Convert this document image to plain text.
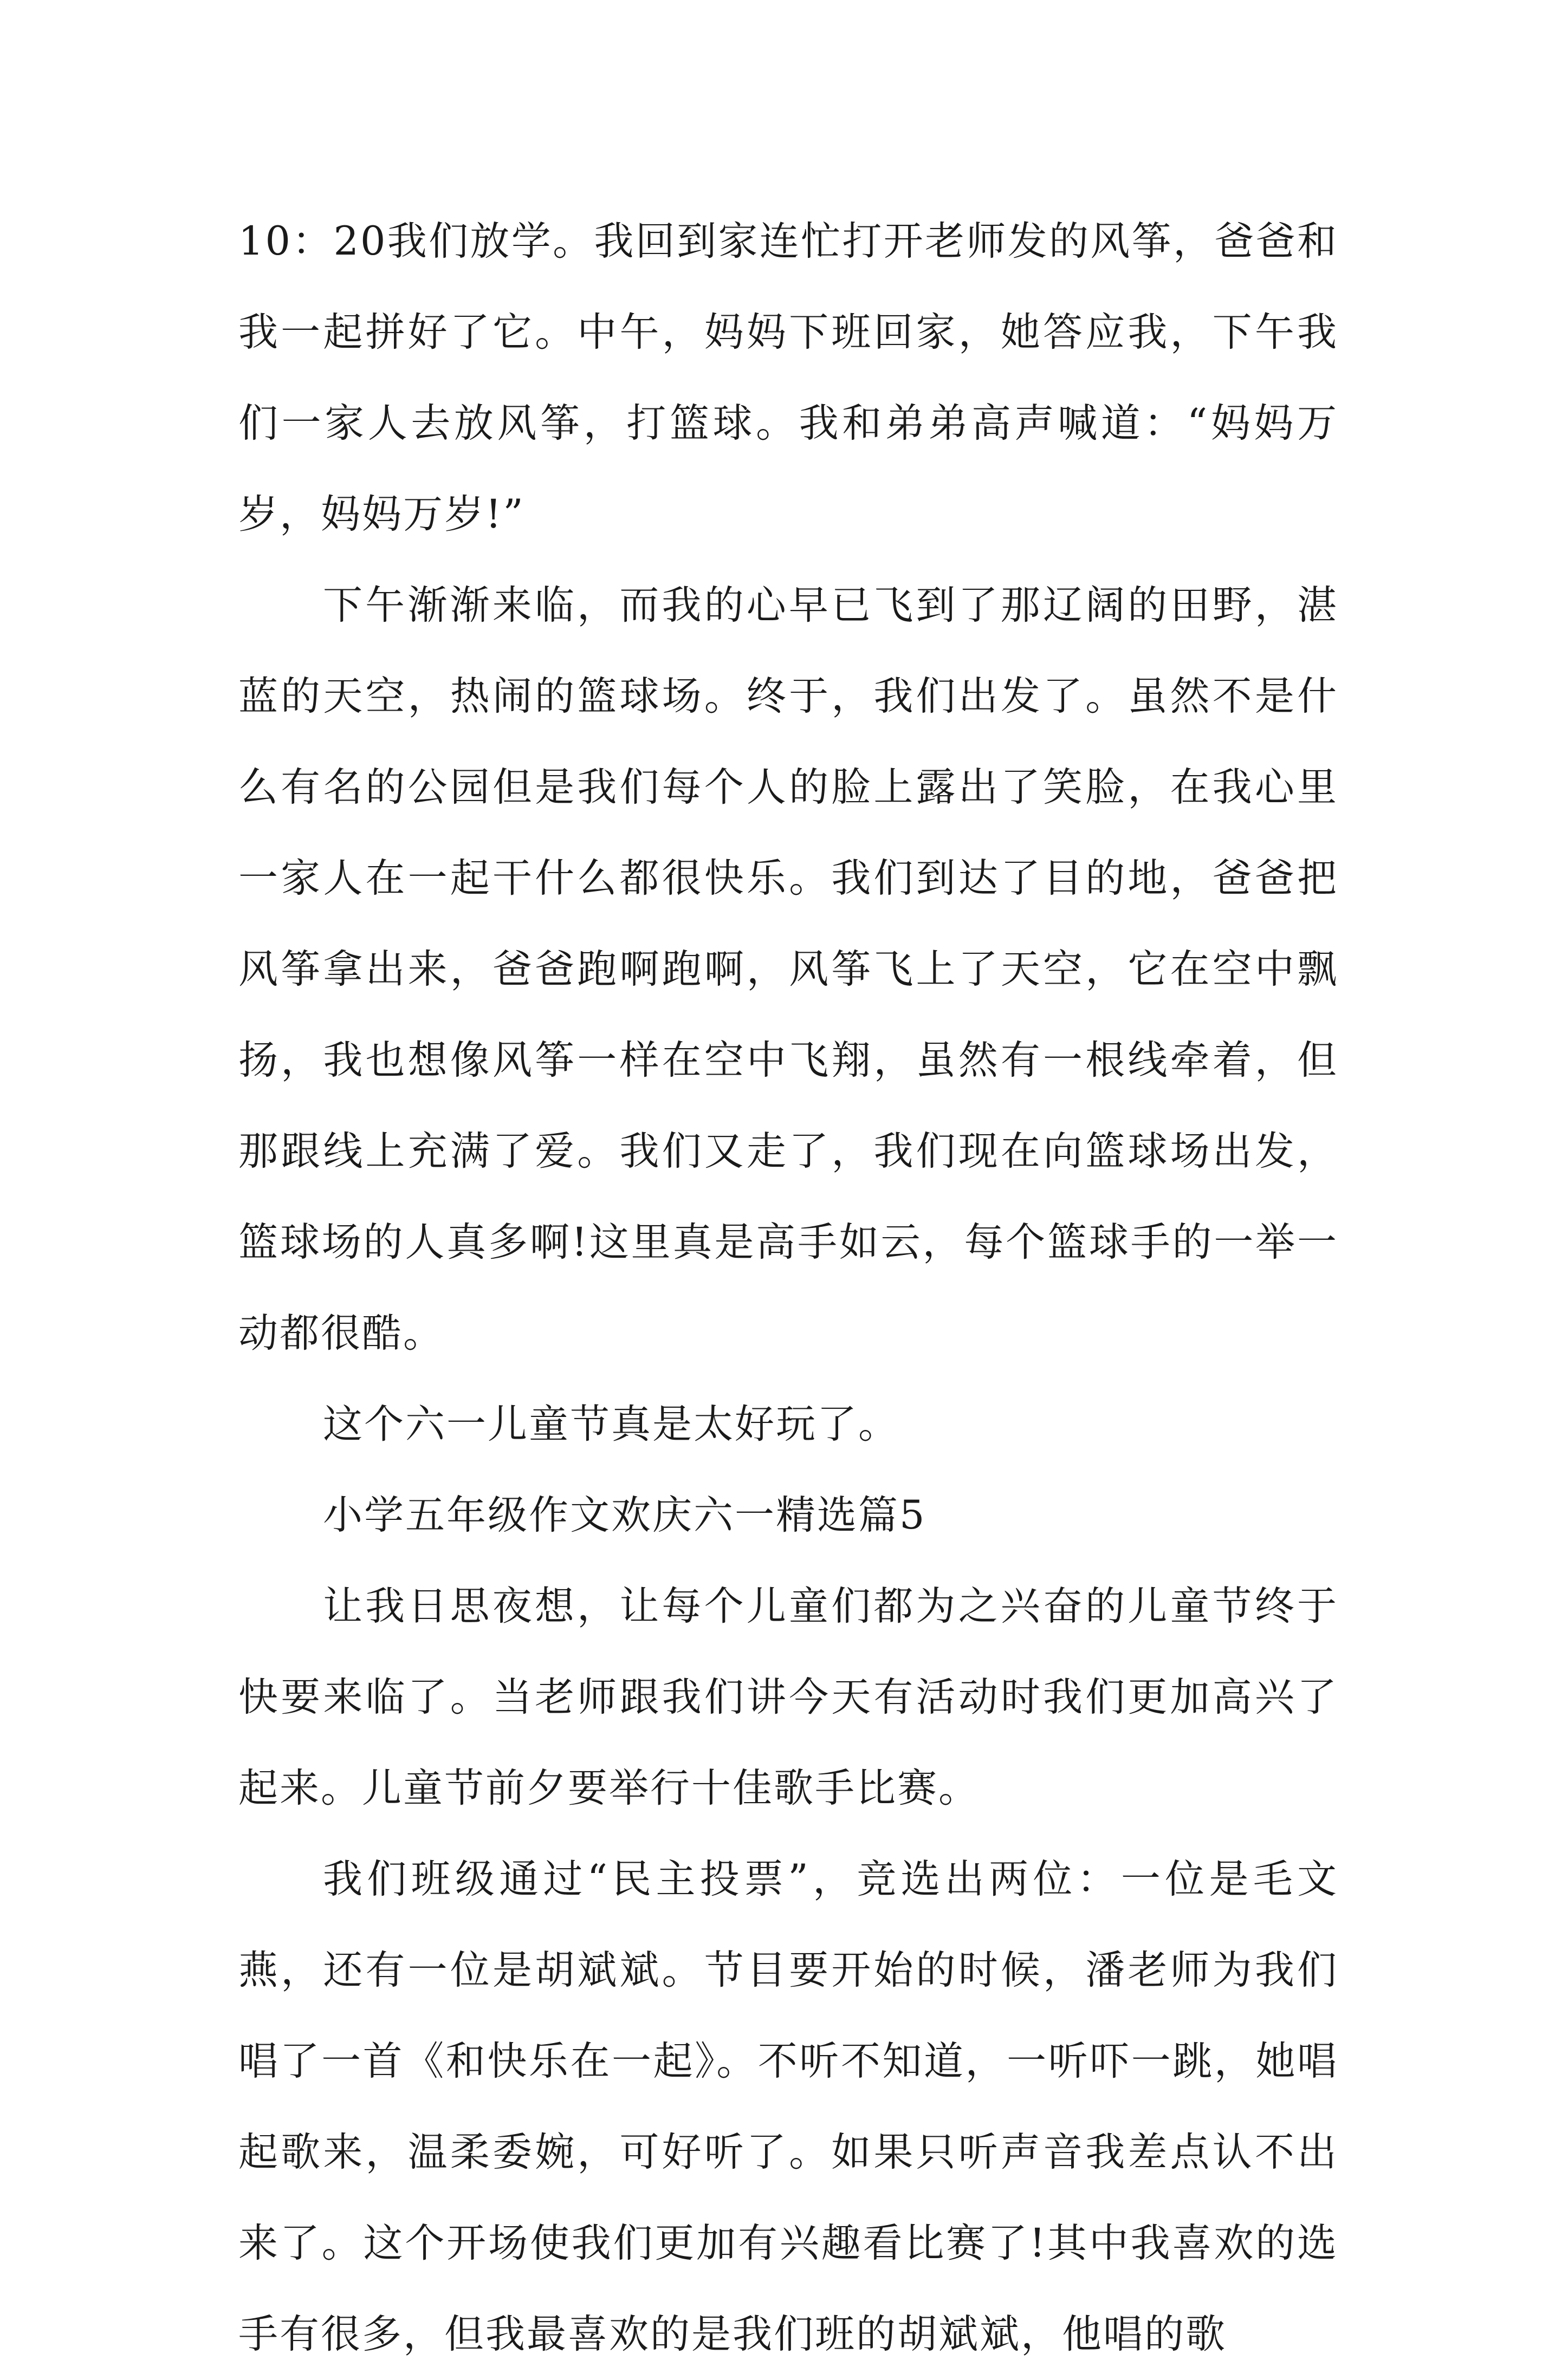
10：20我们放学。我回到家连忙打开老师发的风筝，爸爸和我一起拼好了它。中午，妈妈下班回家，她答应我，下午我们一家人去放风筝，打篮球。我和弟弟高声喊道：“妈妈万岁，妈妈万岁!”

下午渐渐来临，而我的心早已飞到了那辽阔的田野，湛蓝的天空，热闹的篮球场。终于，我们出发了。虽然不是什么有名的公园但是我们每个人的脸上露出了笑脸，在我心里一家人在一起干什么都很快乐。我们到达了目的地，爸爸把风筝拿出来，爸爸跑啊跑啊，风筝飞上了天空，它在空中飘扬，我也想像风筝一样在空中飞翔，虽然有一根线牵着，但那跟线上充满了爱。我们又走了，我们现在向篮球场出发，篮球场的人真多啊!这里真是高手如云，每个篮球手的一举一动都很酷。

这个六一儿童节真是太好玩了。

小学五年级作文欢庆六一精选篇5

让我日思夜想，让每个儿童们都为之兴奋的儿童节终于快要来临了。当老师跟我们讲今天有活动时我们更加高兴了起来。儿童节前夕要举行十佳歌手比赛。

我们班级通过“民主投票”，竞选出两位：一位是毛文燕，还有一位是胡斌斌。节目要开始的时候，潘老师为我们唱了一首《和快乐在一起》。不听不知道，一听吓一跳，她唱起歌来，温柔委婉，可好听了。如果只听声音我差点认不出来了。这个开场使我们更加有兴趣看比赛了!其中我喜欢的选手有很多，但我最喜欢的是我们班的胡斌斌，他唱的歌
